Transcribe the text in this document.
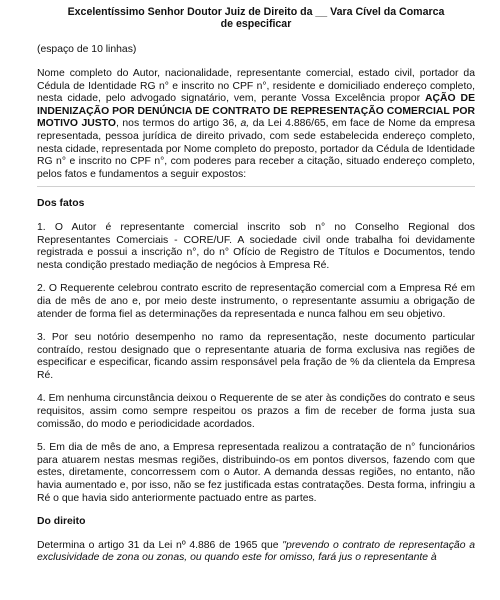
Excelentíssimo Senhor Doutor Juiz de Direito da __ Vara Cível da Comarca
de especificar

(espaço de 10 linhas)

Nome completo do Autor, nacionalidade, representante comercial, estado civil, portador da Cédula de Identidade RG n° e inscrito no CPF n°, residente e domiciliado endereço completo, nesta cidade, pelo advogado signatário, vem, perante Vossa Excelência propor AÇÃO DE INDENIZAÇÃO POR DENÚNCIA DE CONTRATO DE REPRESENTAÇÃO COMERCIAL POR MOTIVO JUSTO, nos termos do artigo 36, a, da Lei 4.886/65, em face de Nome da empresa representada, pessoa jurídica de direito privado, com sede estabelecida endereço completo, nesta cidade, representada por Nome completo do preposto, portador da Cédula de Identidade RG n° e inscrito no CPF n°, com poderes para receber a citação, situado endereço completo, pelos fatos e fundamentos a seguir expostos:

Dos fatos

1. O Autor é representante comercial inscrito sob n° no Conselho Regional dos Representantes Comerciais - CORE/UF. A sociedade civil onde trabalha foi devidamente registrada e possui a inscrição n°, do n° Ofício de Registro de Títulos e Documentos, tendo nesta condição prestado mediação de negócios à Empresa Ré.

2. O Requerente celebrou contrato escrito de representação comercial com a Empresa Ré em dia de mês de ano e, por meio deste instrumento, o representante assumiu a obrigação de atender de forma fiel as determinações da representada e nunca falhou em seu objetivo.

3. Por seu notório desempenho no ramo da representação, neste documento particular contraído, restou designado que o representante atuaria de forma exclusiva nas regiões de especificar e especificar, ficando assim responsável pela fração de % da clientela da Empresa Ré.

4. Em nenhuma circunstância deixou o Requerente de se ater às condições do contrato e seus requisitos, assim como sempre respeitou os prazos a fim de receber de forma justa sua comissão, do modo e periodicidade acordados.

5. Em dia de mês de ano, a Empresa representada realizou a contratação de n° funcionários para atuarem nestas mesmas regiões, distribuindo-os em pontos diversos, fazendo com que estes, diretamente, concorressem com o Autor. A demanda dessas regiões, no entanto, não havia aumentado e, por isso, não se fez justificada estas contratações. Desta forma, infringiu a Ré o que havia sido anteriormente pactuado entre as partes.

Do direito

Determina o artigo 31 da Lei nº 4.886 de 1965 que "prevendo o contrato de representação a exclusividade de zona ou zonas, ou quando este for omisso, fará jus o representante à
